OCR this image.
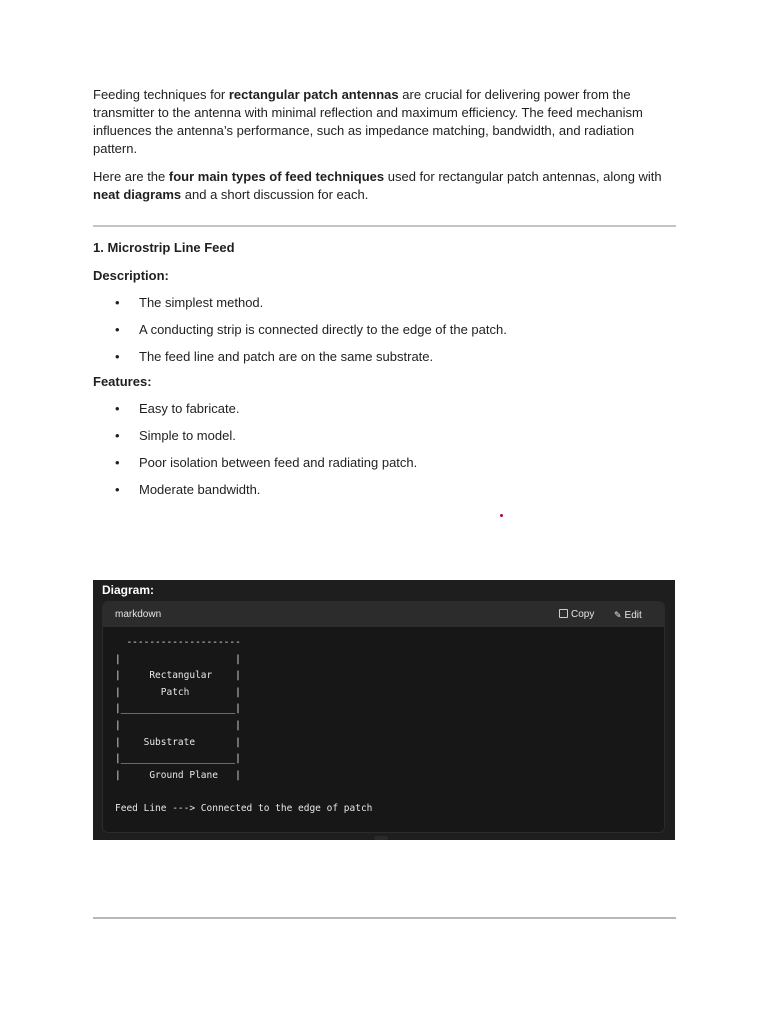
Feeding techniques for rectangular patch antennas are crucial for delivering power from the transmitter to the antenna with minimal reflection and maximum efficiency. The feed mechanism influences the antenna’s performance, such as impedance matching, bandwidth, and radiation pattern.

Here are the four main types of feed techniques used for rectangular patch antennas, along with neat diagrams and a short discussion for each.

1. Microstrip Line Feed

Description:

• The simplest method.
• A conducting strip is connected directly to the edge of the patch.
• The feed line and patch are on the same substrate.

Features:

• Easy to fabricate.
• Simple to model.
• Poor isolation between feed and radiating patch.
• Moderate bandwidth.
Diagram:
markdown	Copy ✎ Edit
--------------------
|                    |
|     Rectangular    |
|       Patch        |
|____________________|
|                    |
|    Substrate       |
|____________________|
|     Ground Plane   |

Feed Line ---> Connected to the edge of patch
